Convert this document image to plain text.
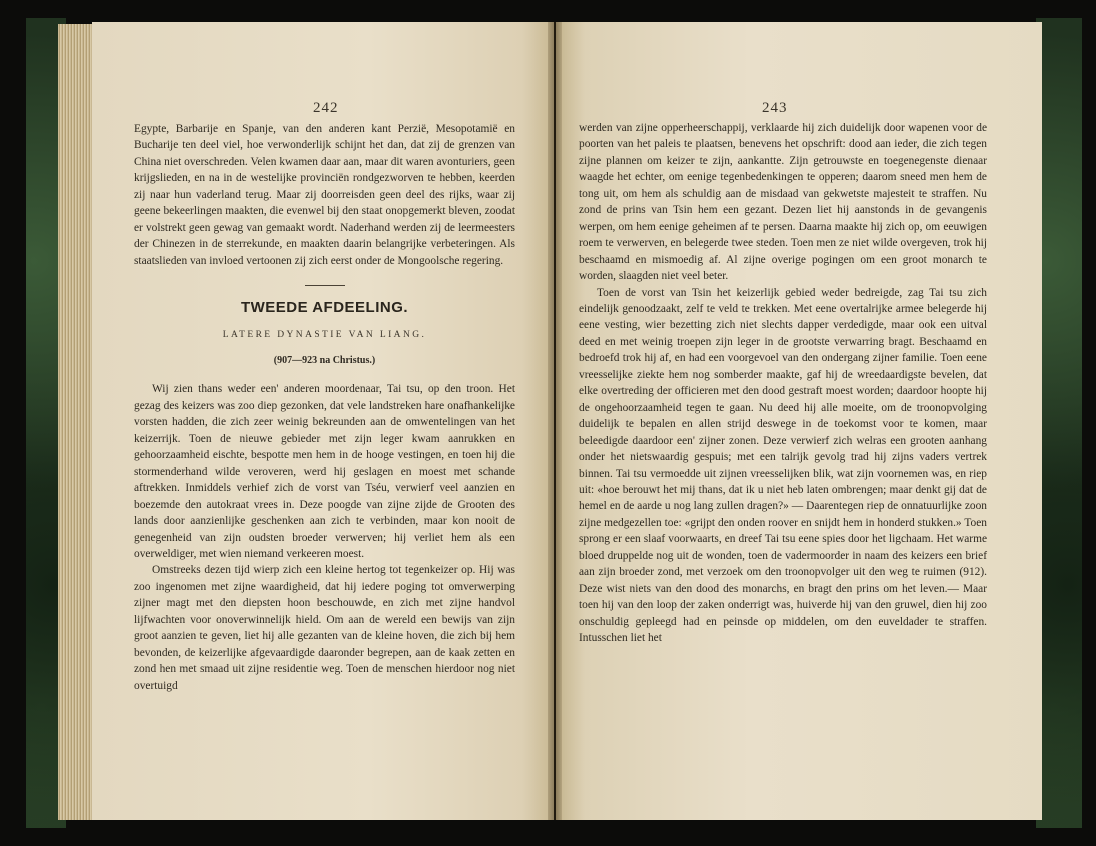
242	243

Egypte, Barbarije en Spanje, van den anderen kant Perzië, Mesopotamië en Bucharije ten deel viel, hoe verwonderlijk schijnt het dan, dat zij de grenzen van China niet overschreden. Velen kwamen daar aan, maar dit waren avonturiers, geen krijgslieden, en na in de westelijke provinciën rondgezworven te hebben, keerden zij naar hun vaderland terug. Maar zij doorreisden geen deel des rijks, waar zij geene bekeerlingen maakten, die evenwel bij den staat onopgemerkt bleven, zoodat er volstrekt geen gewag van gemaakt wordt. Naderhand werden zij de leermeesters der Chinezen in de sterrekunde, en maakten daarin belangrijke verbeteringen. Als staatslieden van invloed vertoonen zij zich eerst onder de Mongoolsche regering.

TWEEDE AFDEELING.
LATERE DYNASTIE VAN LIANG.
(907—923 na Christus.)

Wij zien thans weder een' anderen moordenaar, Tai tsu, op den troon. Het gezag des keizers was zoo diep gezonken, dat vele landstreken hare onafhankelijke vorsten hadden, die zich zeer weinig bekreunden aan de omwentelingen van het keizerrijk. Toen de nieuwe gebieder met zijn leger kwam aanrukken en gehoorzaamheid eischte, bespotte men hem in de hooge vestingen, en toen hij die stormenderhand wilde veroveren, werd hij geslagen en moest met schande aftrekken. Inmiddels verhief zich de vorst van Tséu, verwierf veel aanzien en boezemde den autokraat vrees in. Deze poogde van zijne zijde de Grooten des lands door aanzienlijke geschenken aan zich te verbinden, maar kon nooit de genegenheid van zijn oudsten broeder verwerven; hij verliet hem als een overweldiger, met wien niemand verkeeren moest.

Omstreeks dezen tijd wierp zich een kleine hertog tot tegenkeizer op. Hij was zoo ingenomen met zijne waardigheid, dat hij iedere poging tot omverwerping zijner magt met den diepsten hoon beschouwde, en zich met zijne handvol lijfwachten voor onoverwinnelijk hield. Om aan de wereld een bewijs van zijn groot aanzien te geven, liet hij alle gezanten van de kleine hoven, die zich bij hem bevonden, de keizerlijke afgevaardigde daaronder begrepen, aan de kaak zetten en zond hen met smaad uit zijne residentie weg. Toen de menschen hierdoor nog niet overtuigd

werden van zijne opperheerschappij, verklaarde hij zich duidelijk door wapenen voor de poorten van het paleis te plaatsen, benevens het opschrift: dood aan ieder, die zich tegen zijne plannen om keizer te zijn, aankantte. Zijn getrouwste en toegenegenste dienaar waagde het echter, om eenige tegenbedenkingen te opperen; daarom sneed men hem de tong uit, om hem als schuldig aan de misdaad van gekwetste majesteit te straffen. Nu zond de prins van Tsin hem een gezant. Dezen liet hij aanstonds in de gevangenis werpen, om hem eenige geheimen af te persen. Daarna maakte hij zich op, om eeuwigen roem te verwerven, en belegerde twee steden. Toen men ze niet wilde overgeven, trok hij beschaamd en mismoedig af. Al zijne overige pogingen om een groot monarch te worden, slaagden niet veel beter.

Toen de vorst van Tsin het keizerlijk gebied weder bedreigde, zag Tai tsu zich eindelijk genoodzaakt, zelf te veld te trekken. Met eene overtalrijke armee belegerde hij eene vesting, wier bezetting zich niet slechts dapper verdedigde, maar ook een uitval deed en met weinig troepen zijn leger in de grootste verwarring bragt. Beschaamd en bedroefd trok hij af, en had een voorgevoel van den ondergang zijner familie. Toen eene vreesselijke ziekte hem nog somberder maakte, gaf hij de wreedaardigste bevelen, dat elke overtreding der officieren met den dood gestraft moest worden; daardoor hoopte hij de ongehoorzaamheid tegen te gaan. Nu deed hij alle moeite, om de troonopvolging duidelijk te bepalen en allen strijd deswege in de toekomst voor te komen, maar beleedigde daardoor een' zijner zonen. Deze verwierf zich welras een grooten aanhang onder het nietswaardig gespuis; met een talrijk gevolg trad hij zijns vaders vertrek binnen. Tai tsu vermoedde uit zijnen vreesselijken blik, wat zijn voornemen was, en riep uit: «hoe berouwt het mij thans, dat ik u niet heb laten ombrengen; maar denkt gij dat de hemel en de aarde u nog lang zullen dragen?» — Daarentegen riep de onnatuurlijke zoon zijne medgezellen toe: «grijpt den onden roover en snijdt hem in honderd stukken.» Toen sprong er een slaaf voorwaarts, en dreef Tai tsu eene spies door het ligchaam. Het warme bloed druppelde nog uit de wonden, toen de vadermoorder in naam des keizers een brief aan zijn broeder zond, met verzoek om den troonopvolger uit den weg te ruimen (912). Deze wist niets van den dood des monarchs, en bragt den prins om het leven.— Maar toen hij van den loop der zaken onderrigt was, huiverde hij van den gruwel, dien hij zoo onschuldig gepleegd had en peinsde op middelen, om den euveldader te straffen. Intusschen liet het
